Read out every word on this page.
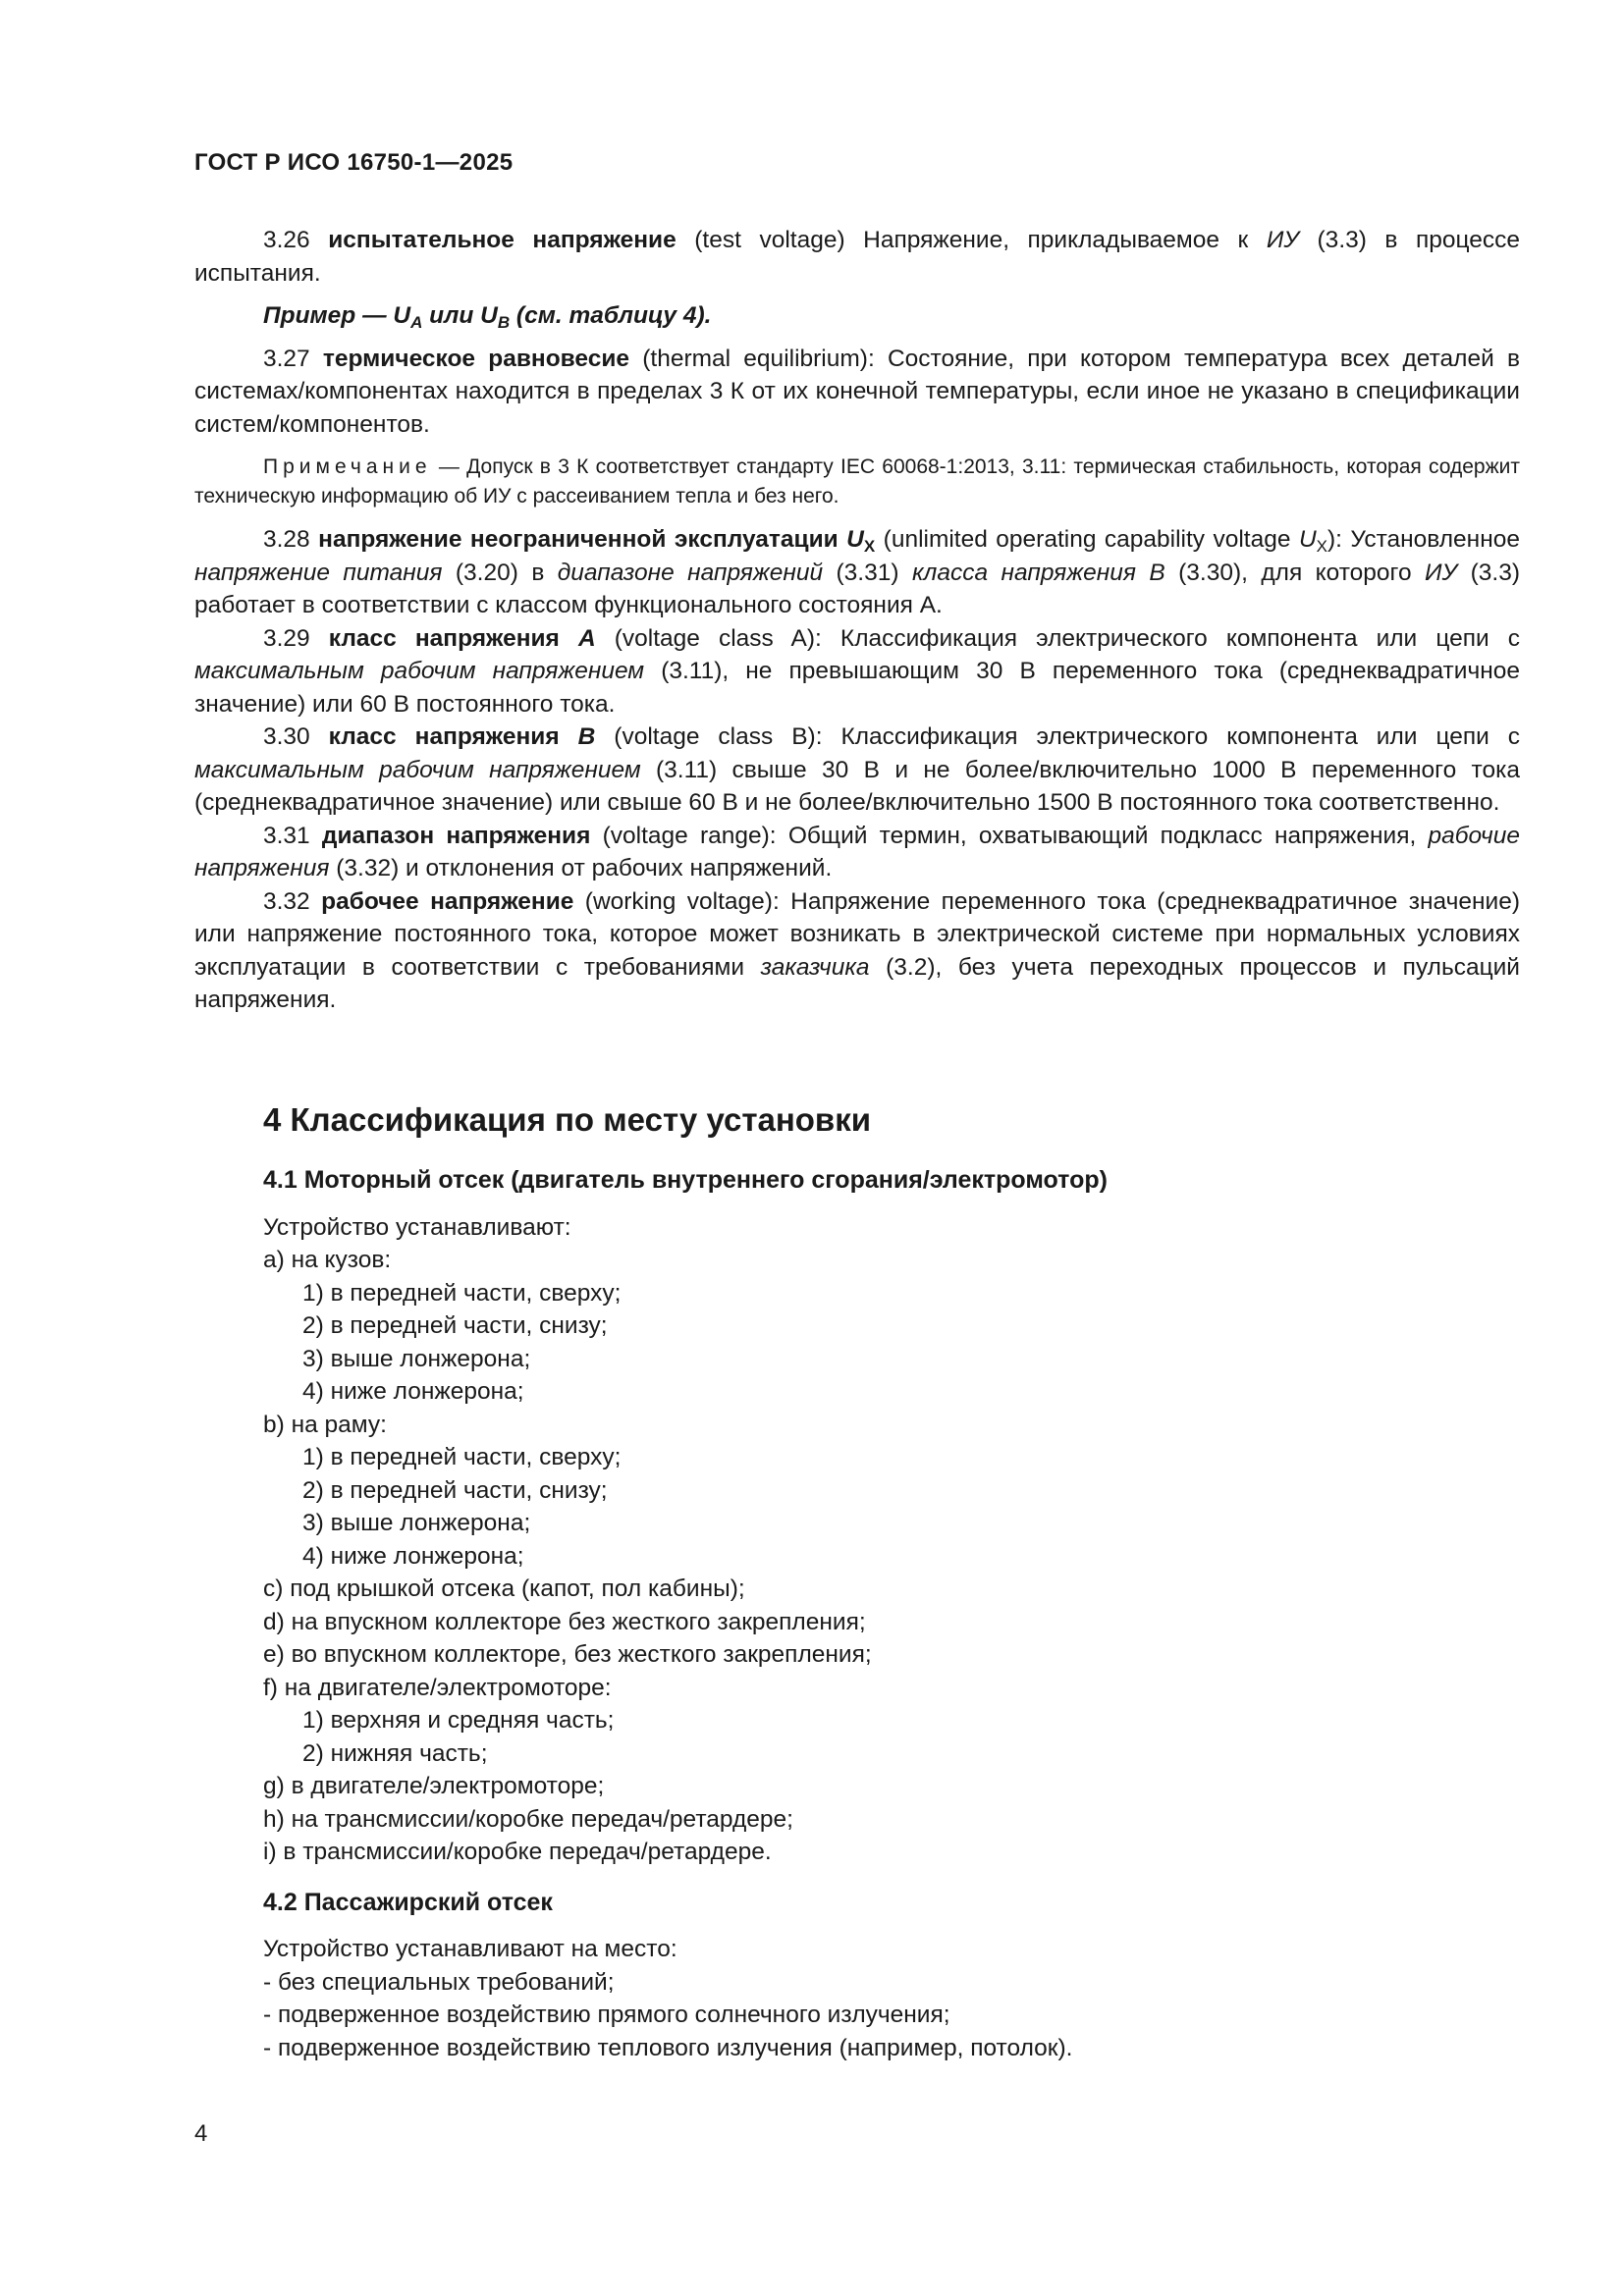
ГОСТ Р ИСО 16750-1—2025

3.26 испытательное напряжение (test voltage) Напряжение, прикладываемое к ИУ (3.3) в процессе испытания.

Пример — $U_A$ или $U_B$ (см. таблицу 4).

3.27 термическое равновесие (thermal equilibrium): Состояние, при котором температура всех деталей в системах/компонентах находится в пределах 3 К от их конечной температуры, если иное не указано в спецификации систем/компонентов.

Примечание — Допуск в 3 К соответствует стандарту IEC 60068-1:2013, 3.11: термическая стабильность, которая содержит техническую информацию об ИУ с рассеиванием тепла и без него.

3.28 напряжение неограниченной эксплуатации $U_X$ (unlimited operating capability voltage $U_X$): Установленное напряжение питания (3.20) в диапазоне напряжений (3.31) класса напряжения B (3.30), для которого ИУ (3.3) работает в соответствии с классом функционального состояния А.

3.29 класс напряжения A (voltage class A): Классификация электрического компонента или цепи с максимальным рабочим напряжением (3.11), не превышающим 30 В переменного тока (среднеквадратичное значение) или 60 В постоянного тока.

3.30 класс напряжения B (voltage class B): Классификация электрического компонента или цепи с максимальным рабочим напряжением (3.11) свыше 30 В и не более/включительно 1000 В переменного тока (среднеквадратичное значение) или свыше 60 В и не более/включительно 1500 В постоянного тока соответственно.

3.31 диапазон напряжения (voltage range): Общий термин, охватывающий подкласс напряжения, рабочие напряжения (3.32) и отклонения от рабочих напряжений.

3.32 рабочее напряжение (working voltage): Напряжение переменного тока (среднеквадратичное значение) или напряжение постоянного тока, которое может возникать в электрической системе при нормальных условиях эксплуатации в соответствии с требованиями заказчика (3.2), без учета переходных процессов и пульсаций напряжения.

4 Классификация по месту установки

4.1 Моторный отсек (двигатель внутреннего сгорания/электромотор)

Устройство устанавливают:

a) на кузов:

1) в передней части, сверху;

2) в передней части, снизу;

3) выше лонжерона;

4) ниже лонжерона;

b) на раму:

1) в передней части, сверху;

2) в передней части, снизу;

3) выше лонжерона;

4) ниже лонжерона;

c) под крышкой отсека (капот, пол кабины);

d) на впускном коллекторе без жесткого закрепления;

e) во впускном коллекторе, без жесткого закрепления;

f) на двигателе/электромоторе:

1) верхняя и средняя часть;

2) нижняя часть;

g) в двигателе/электромоторе;

h) на трансмиссии/коробке передач/ретардере;

i) в трансмиссии/коробке передач/ретардере.

4.2 Пассажирский отсек

Устройство устанавливают на место:

- без специальных требований;

- подверженное воздействию прямого солнечного излучения;

- подверженное воздействию теплового излучения (например, потолок).

4
